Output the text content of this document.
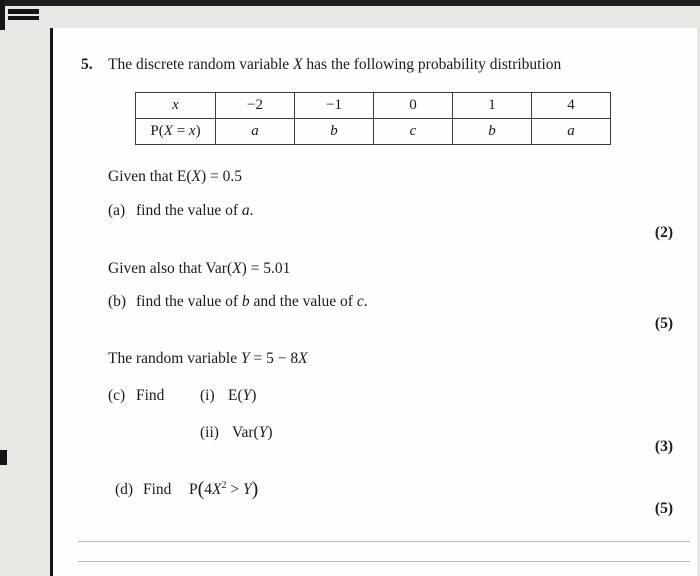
5. The discrete random variable X has the following probability distribution
x	−2	−1	0	1	4
P(X = x)	a	b	c	b	a
Given that E(X) = 0.5
(a) find the value of a.
(2)
Given also that Var(X) = 5.01
(b) find the value of b and the value of c.
(5)
The random variable Y = 5 − 8X
(c) Find (i) E(Y)
(ii) Var(Y)
(3)
(d) Find $P(4X^2 > Y)$
(5)
